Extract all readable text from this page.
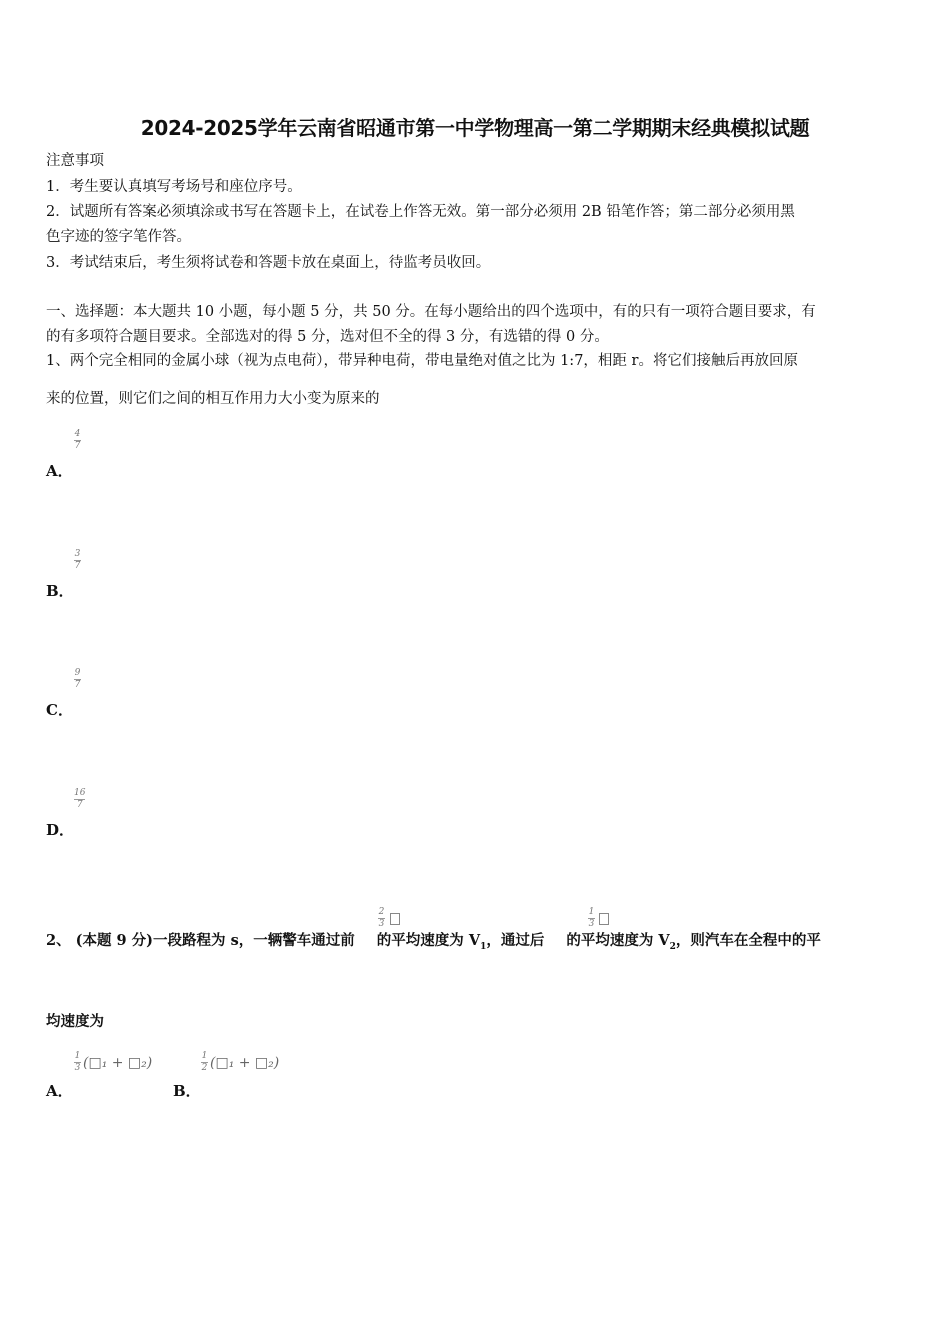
2024-2025学年云南省昭通市第一中学物理高一第二学期期末经典模拟试题
注意事项
1．考生要认真填写考场号和座位序号。
2．试题所有答案必须填涂或书写在答题卡上，在试卷上作答无效。第一部分必须用 2B 铅笔作答；第二部分必须用黑
色字迹的签字笔作答。
3．考试结束后，考生须将试卷和答题卡放在桌面上，待监考员收回。
一、选择题：本大题共 10 小题，每小题 5 分，共 50 分。在每小题给出的四个选项中，有的只有一项符合题目要求，有
的有多项符合题目要求。全部选对的得 5 分，选对但不全的得 3 分，有选错的得 0 分。
1、两个完全相同的金属小球（视为点电荷），带异种电荷，带电量绝对值之比为 1:7，相距 r。将它们接触后再放回原
来的位置，则它们之间的相互作用力大小变为原来的
4
7
A．
3
7
B．
9
7
C．
16
7
D．
2、 (本题 9 分)一段路程为 s，一辆警车通过前 的平均速度为 $V_1$，通过后 的平均速度为 $V_2$，则汽车在全程中的平
2
3
1
3
均速度为
$\frac{1}{3}$ (□₁ + □₂)
A．
$\frac{1}{2}$ (□₁ + □₂)
B．
